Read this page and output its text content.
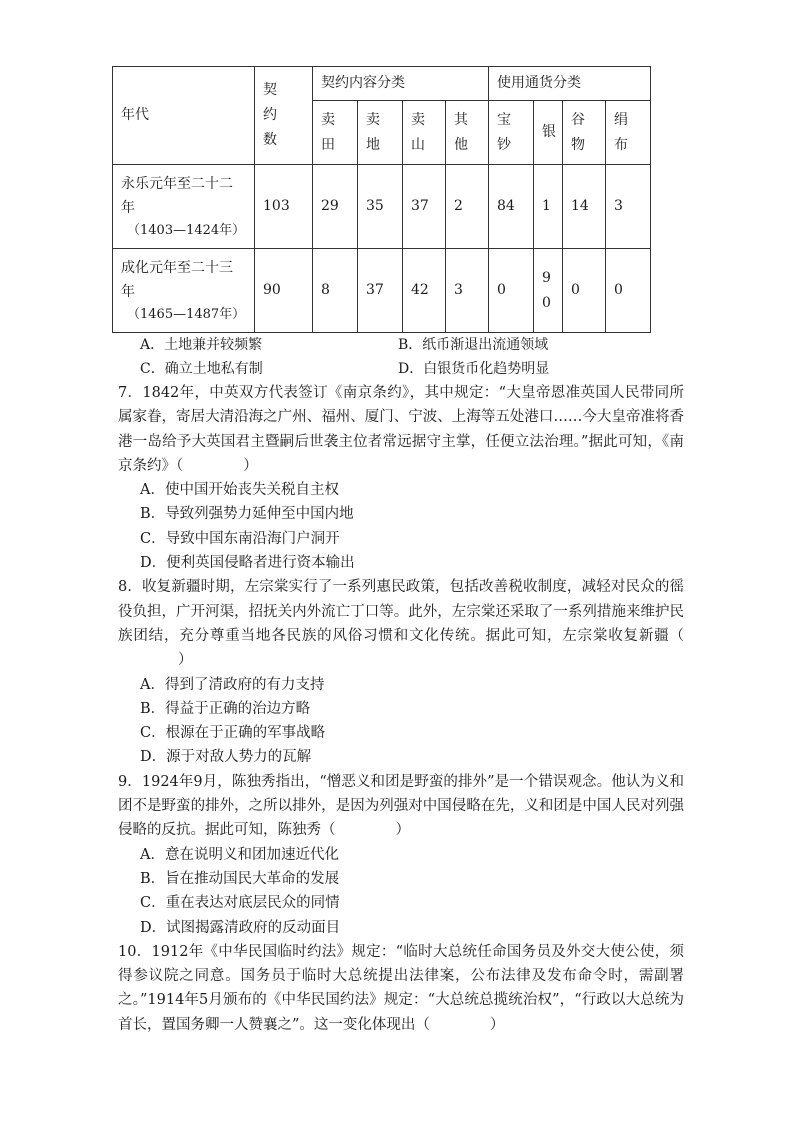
年代	契约数	契约内容分类				使用通货分类			

		卖田	卖地	卖山	其他	宝钞	银	谷物	绢布

永乐元年至二十二年
（1403—1424年）	103	29	35	37	2	84	1	14	3

成化元年至二十三年
（1465—1487年）	90	8	37	42	3	0	90	0	0
A．土地兼并较频繁	B．纸币渐退出流通领域
C．确立土地私有制	D．白银货币化趋势明显
7．1842年，中英双方代表签订《南京条约》，其中规定：“大皇帝恩准英国人民带同所属家眷，寄居大清沿海之广州、福州、厦门、宁波、上海等五处港口……今大皇帝准将香港一岛给予大英国君主暨嗣后世袭主位者常远据守主掌，任便立法治理。”据此可知，《南京条约》（	）
A．使中国开始丧失关税自主权
B．导致列强势力延伸至中国内地
C．导致中国东南沿海门户洞开
D．便利英国侵略者进行资本输出
8．收复新疆时期，左宗棠实行了一系列惠民政策，包括改善税收制度，减轻对民众的徭役负担，广开河渠，招抚关内外流亡丁口等。此外，左宗棠还采取了一系列措施来维护民族团结，充分尊重当地各民族的风俗习惯和文化传统。据此可知，左宗棠收复新疆（）
A．得到了清政府的有力支持
B．得益于正确的治边方略
C．根源在于正确的军事战略
D．源于对敌人势力的瓦解
9．1924年9月，陈独秀指出，“憎恶义和团是野蛮的排外”是一个错误观念。他认为义和团不是野蛮的排外，之所以排外，是因为列强对中国侵略在先，义和团是中国人民对列强侵略的反抗。据此可知，陈独秀（	）
A．意在说明义和团加速近代化
B．旨在推动国民大革命的发展
C．重在表达对底层民众的同情
D．试图揭露清政府的反动面目
10．1912年《中华民国临时约法》规定：“临时大总统任命国务员及外交大使公使，须得参议院之同意。国务员于临时大总统提出法律案，公布法律及发布命令时，需副署之。”1914年5月颁布的《中华民国约法》规定：“大总统总揽统治权”，“行政以大总统为首长，置国务卿一人赞襄之”。这一变化体现出（	）
